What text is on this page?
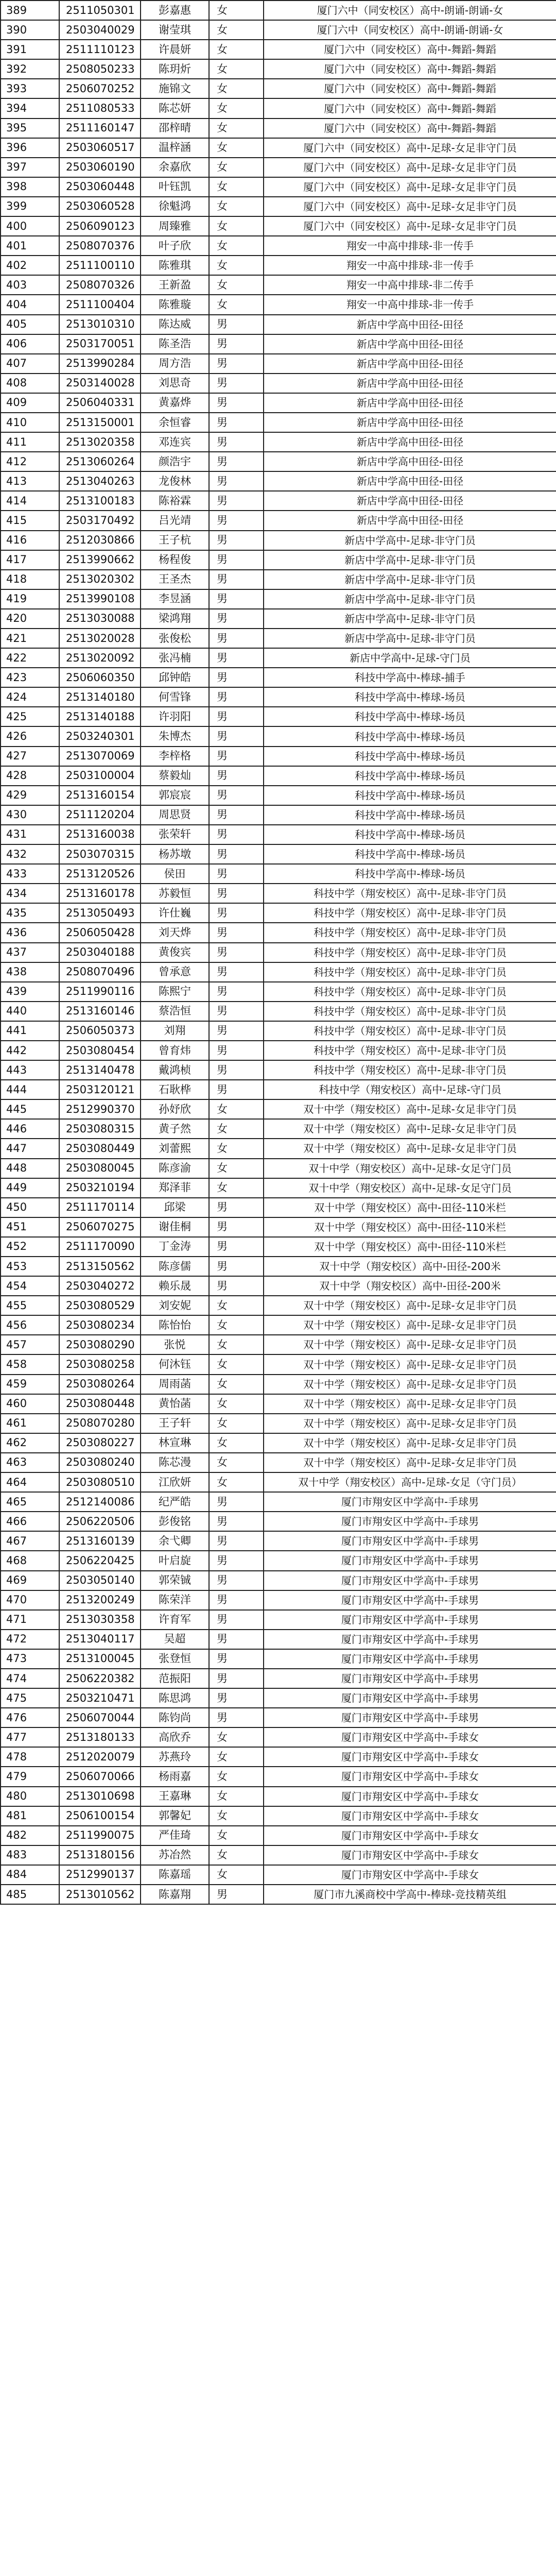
389	2511050301	彭嘉惠	女	厦门六中（同安校区）高中-朗诵-朗诵-女
390	2503040029	谢莹琪	女	厦门六中（同安校区）高中-朗诵-朗诵-女
391	2511110123	许晨妍	女	厦门六中（同安校区）高中-舞蹈-舞蹈
392	2508050233	陈玥炘	女	厦门六中（同安校区）高中-舞蹈-舞蹈
393	2506070252	施锦文	女	厦门六中（同安校区）高中-舞蹈-舞蹈
394	2511080533	陈芯妍	女	厦门六中（同安校区）高中-舞蹈-舞蹈
395	2511160147	邵梓晴	女	厦门六中（同安校区）高中-舞蹈-舞蹈
396	2503060517	温梓涵	女	厦门六中（同安校区）高中-足球-女足非守门员
397	2503060190	余嘉欣	女	厦门六中（同安校区）高中-足球-女足非守门员
398	2503060448	叶钰凯	女	厦门六中（同安校区）高中-足球-女足非守门员
399	2503060528	徐魁鸿	女	厦门六中（同安校区）高中-足球-女足非守门员
400	2506090123	周臻雅	女	厦门六中（同安校区）高中-足球-女足非守门员
401	2508070376	叶子欣	女	翔安一中高中排球-非一传手
402	2511100110	陈雅琪	女	翔安一中高中排球-非一传手
403	2508070326	王新盈	女	翔安一中高中排球-非二传手
404	2511100404	陈雅璇	女	翔安一中高中排球-非一传手
405	2513010310	陈达威	男	新店中学高中田径-田径
406	2503170051	陈圣浩	男	新店中学高中田径-田径
407	2513990284	周方浩	男	新店中学高中田径-田径
408	2503140028	刘思奇	男	新店中学高中田径-田径
409	2506040331	黄嘉烨	男	新店中学高中田径-田径
410	2513150001	余恒睿	男	新店中学高中田径-田径
411	2513020358	邓连宾	男	新店中学高中田径-田径
412	2513060264	颜浩宇	男	新店中学高中田径-田径
413	2513040263	龙俊林	男	新店中学高中田径-田径
414	2513100183	陈裕霖	男	新店中学高中田径-田径
415	2503170492	吕光靖	男	新店中学高中田径-田径
416	2512030866	王子杭	男	新店中学高中-足球-非守门员
417	2513990662	杨程俊	男	新店中学高中-足球-非守门员
418	2513020302	王圣杰	男	新店中学高中-足球-非守门员
419	2513990108	李昱涵	男	新店中学高中-足球-非守门员
420	2513030088	梁鸿翔	男	新店中学高中-足球-非守门员
421	2513020028	张俊松	男	新店中学高中-足球-非守门员
422	2513020092	张冯楠	男	新店中学高中-足球-守门员
423	2506060350	邱钟皓	男	科技中学高中-棒球-捕手
424	2513140180	何雪锋	男	科技中学高中-棒球-场员
425	2513140188	许羽阳	男	科技中学高中-棒球-场员
426	2503240301	朱博杰	男	科技中学高中-棒球-场员
427	2513070069	李梓格	男	科技中学高中-棒球-场员
428	2503100004	蔡毅灿	男	科技中学高中-棒球-场员
429	2513160154	郭宸宸	男	科技中学高中-棒球-场员
430	2511120204	周思贤	男	科技中学高中-棒球-场员
431	2513160038	张荣轩	男	科技中学高中-棒球-场员
432	2503070315	杨苏墩	男	科技中学高中-棒球-场员
433	2513120526	侯田	男	科技中学高中-棒球-场员
434	2513160178	苏毅恒	男	科技中学（翔安校区）高中-足球-非守门员
435	2513050493	许仕巍	男	科技中学（翔安校区）高中-足球-非守门员
436	2506050428	刘天烨	男	科技中学（翔安校区）高中-足球-非守门员
437	2503040188	黄俊宾	男	科技中学（翔安校区）高中-足球-非守门员
438	2508070496	曾承意	男	科技中学（翔安校区）高中-足球-非守门员
439	2511990116	陈熙宁	男	科技中学（翔安校区）高中-足球-非守门员
440	2513160146	蔡浩恒	男	科技中学（翔安校区）高中-足球-非守门员
441	2506050373	刘翔	男	科技中学（翔安校区）高中-足球-非守门员
442	2503080454	曾育炜	男	科技中学（翔安校区）高中-足球-非守门员
443	2513140478	戴鸿桢	男	科技中学（翔安校区）高中-足球-非守门员
444	2503120121	石耿桦	男	科技中学（翔安校区）高中-足球-守门员
445	2512990370	孙妤欣	女	双十中学（翔安校区）高中-足球-女足非守门员
446	2503080315	黄子然	女	双十中学（翔安校区）高中-足球-女足非守门员
447	2503080449	刘蕾熙	女	双十中学（翔安校区）高中-足球-女足非守门员
448	2503080045	陈彦渝	女	双十中学（翔安校区）高中-足球-女足守门员
449	2503210194	郑泽菲	女	双十中学（翔安校区）高中-足球-女足守门员
450	2511170114	邱梁	男	双十中学（翔安校区）高中-田径-110米栏
451	2506070275	谢佳桐	男	双十中学（翔安校区）高中-田径-110米栏
452	2511170090	丁金涛	男	双十中学（翔安校区）高中-田径-110米栏
453	2513150562	陈彦儒	男	双十中学（翔安校区）高中-田径-200米
454	2503040272	赖乐晟	男	双十中学（翔安校区）高中-田径-200米
455	2503080529	刘安妮	女	双十中学（翔安校区）高中-足球-女足非守门员
456	2503080234	陈怡怡	女	双十中学（翔安校区）高中-足球-女足非守门员
457	2503080290	张悦	女	双十中学（翔安校区）高中-足球-女足非守门员
458	2503080258	何沐钰	女	双十中学（翔安校区）高中-足球-女足非守门员
459	2503080264	周雨菡	女	双十中学（翔安校区）高中-足球-女足非守门员
460	2503080448	黄怡菡	女	双十中学（翔安校区）高中-足球-女足非守门员
461	2508070280	王子轩	女	双十中学（翔安校区）高中-足球-女足非守门员
462	2503080227	林宣琳	女	双十中学（翔安校区）高中-足球-女足非守门员
463	2503080240	陈芯漫	女	双十中学（翔安校区）高中-足球-女足非守门员
464	2503080510	江欣妍	女	双十中学（翔安校区）高中-足球-女足（守门员）
465	2512140086	纪严皓	男	厦门市翔安区中学高中-手球男
466	2506220506	彭俊铭	男	厦门市翔安区中学高中-手球男
467	2513160139	余弋卿	男	厦门市翔安区中学高中-手球男
468	2506220425	叶启旋	男	厦门市翔安区中学高中-手球男
469	2503050140	郭荣铖	男	厦门市翔安区中学高中-手球男
470	2513200249	陈荣洋	男	厦门市翔安区中学高中-手球男
471	2513030358	许育军	男	厦门市翔安区中学高中-手球男
472	2513040117	吴超	男	厦门市翔安区中学高中-手球男
473	2513100045	张登恒	男	厦门市翔安区中学高中-手球男
474	2506220382	范振阳	男	厦门市翔安区中学高中-手球男
475	2503210471	陈思鸿	男	厦门市翔安区中学高中-手球男
476	2506070044	陈钧尚	男	厦门市翔安区中学高中-手球男
477	2513180133	高欣乔	女	厦门市翔安区中学高中-手球女
478	2512020079	苏燕玲	女	厦门市翔安区中学高中-手球女
479	2506070066	杨雨嘉	女	厦门市翔安区中学高中-手球女
480	2513010698	王嘉琳	女	厦门市翔安区中学高中-手球女
481	2506100154	郭馨妃	女	厦门市翔安区中学高中-手球女
482	2511990075	严佳琦	女	厦门市翔安区中学高中-手球女
483	2513180156	苏冶然	女	厦门市翔安区中学高中-手球女
484	2512990137	陈嘉瑶	女	厦门市翔安区中学高中-手球女
485	2513010562	陈嘉翔	男	厦门市九溪商校中学高中-棒球-竞技精英组
